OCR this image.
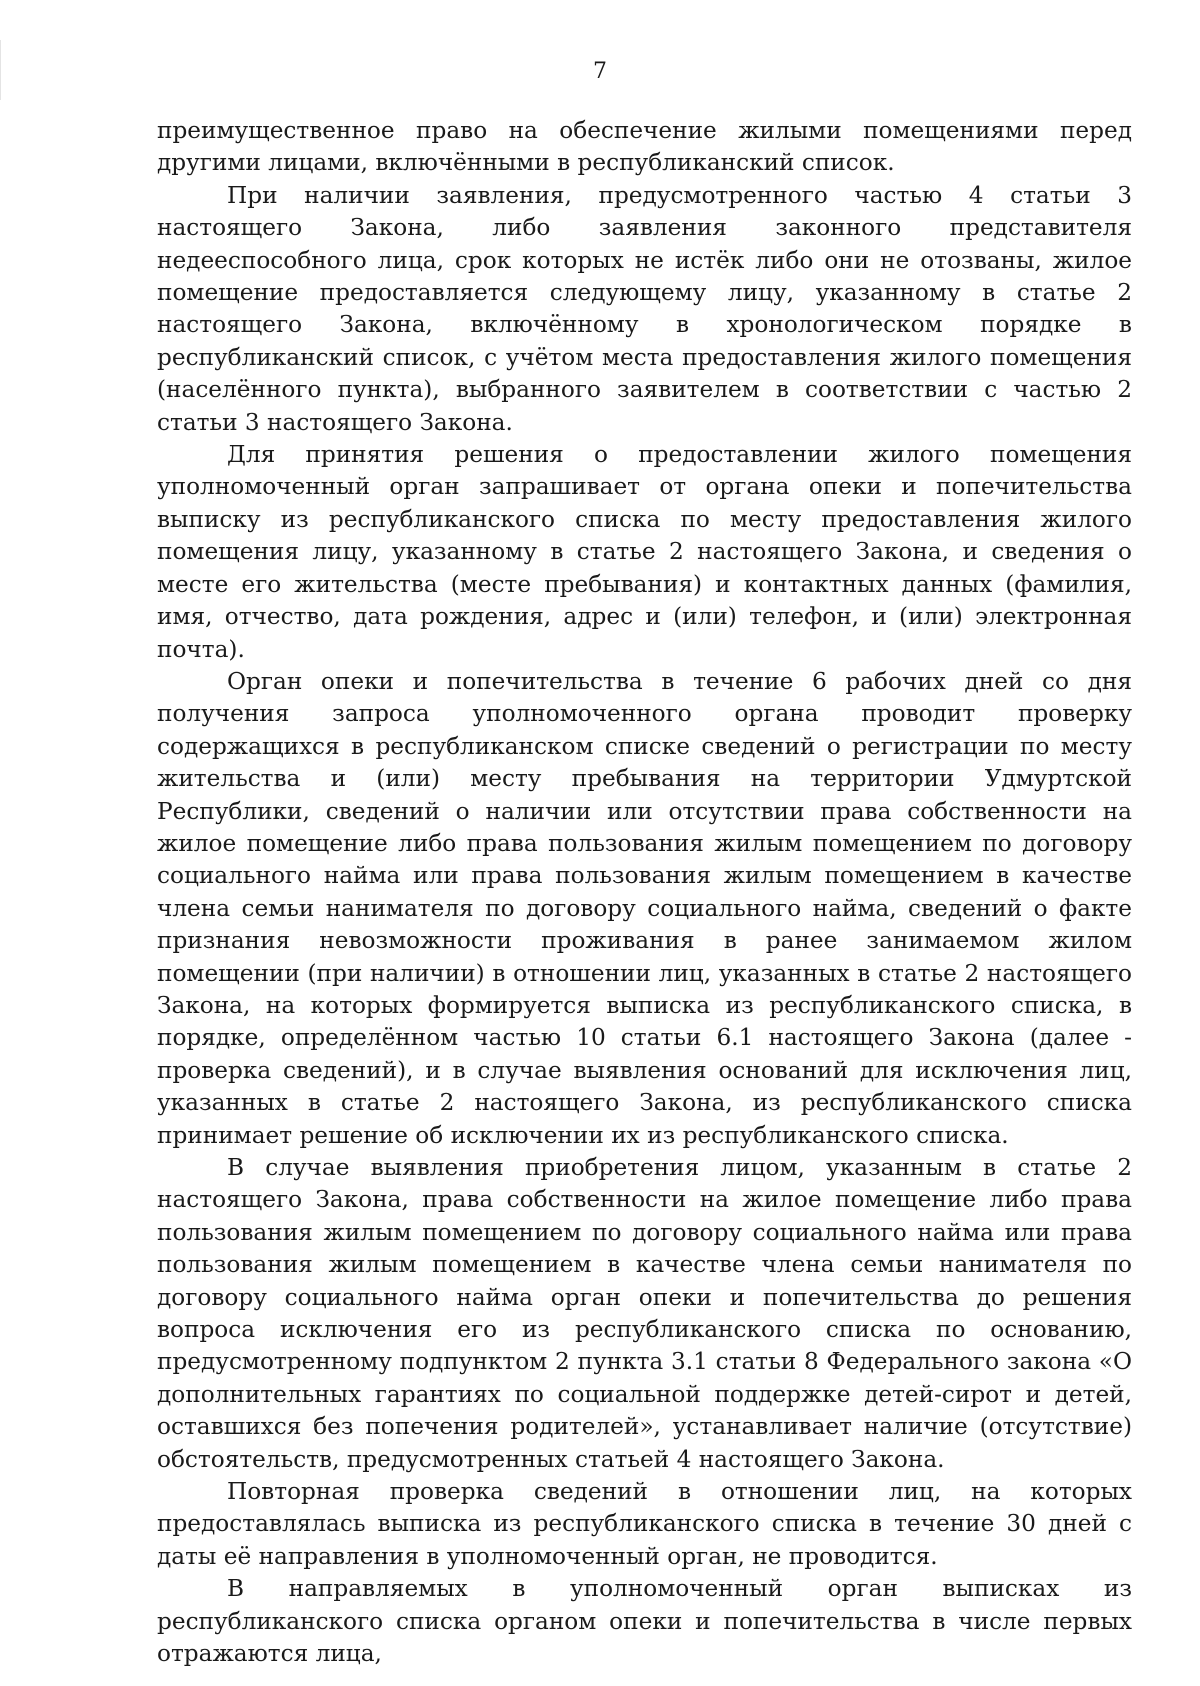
7

преимущественное право на обеспечение жилыми помещениями перед другими лицами, включёнными в республиканский список.

При наличии заявления, предусмотренного частью 4 статьи 3 настоящего Закона, либо заявления законного представителя недееспособного лица, срок которых не истёк либо они не отозваны, жилое помещение предоставляется следующему лицу, указанному в статье 2 настоящего Закона, включённому в хронологическом порядке в республиканский список, с учётом места предоставления жилого помещения (населённого пункта), выбранного заявителем в соответствии с частью 2 статьи 3 настоящего Закона.

Для принятия решения о предоставлении жилого помещения уполномоченный орган запрашивает от органа опеки и попечительства выписку из республиканского списка по месту предоставления жилого помещения лицу, указанному в статье 2 настоящего Закона, и сведения о месте его жительства (месте пребывания) и контактных данных (фамилия, имя, отчество, дата рождения, адрес и (или) телефон, и (или) электронная почта).

Орган опеки и попечительства в течение 6 рабочих дней со дня получения запроса уполномоченного органа проводит проверку содержащихся в республиканском списке сведений о регистрации по месту жительства и (или) месту пребывания на территории Удмуртской Республики, сведений о наличии или отсутствии права собственности на жилое помещение либо права пользования жилым помещением по договору социального найма или права пользования жилым помещением в качестве члена семьи нанимателя по договору социального найма, сведений о факте признания невозможности проживания в ранее занимаемом жилом помещении (при наличии) в отношении лиц, указанных в статье 2 настоящего Закона, на которых формируется выписка из республиканского списка, в порядке, определённом частью 10 статьи 6.1 настоящего Закона (далее - проверка сведений), и в случае выявления оснований для исключения лиц, указанных в статье 2 настоящего Закона, из республиканского списка принимает решение об исключении их из республиканского списка.

В случае выявления приобретения лицом, указанным в статье 2 настоящего Закона, права собственности на жилое помещение либо права пользования жилым помещением по договору социального найма или права пользования жилым помещением в качестве члена семьи нанимателя по договору социального найма орган опеки и попечительства до решения вопроса исключения его из республиканского списка по основанию, предусмотренному подпунктом 2 пункта 3.1 статьи 8 Федерального закона «О дополнительных гарантиях по социальной поддержке детей-сирот и детей, оставшихся без попечения родителей», устанавливает наличие (отсутствие) обстоятельств, предусмотренных статьей 4 настоящего Закона.

Повторная проверка сведений в отношении лиц, на которых предоставлялась выписка из республиканского списка в течение 30 дней с даты её направления в уполномоченный орган, не проводится.

В направляемых в уполномоченный орган выписках из республиканского списка органом опеки и попечительства в числе первых отражаются лица,
